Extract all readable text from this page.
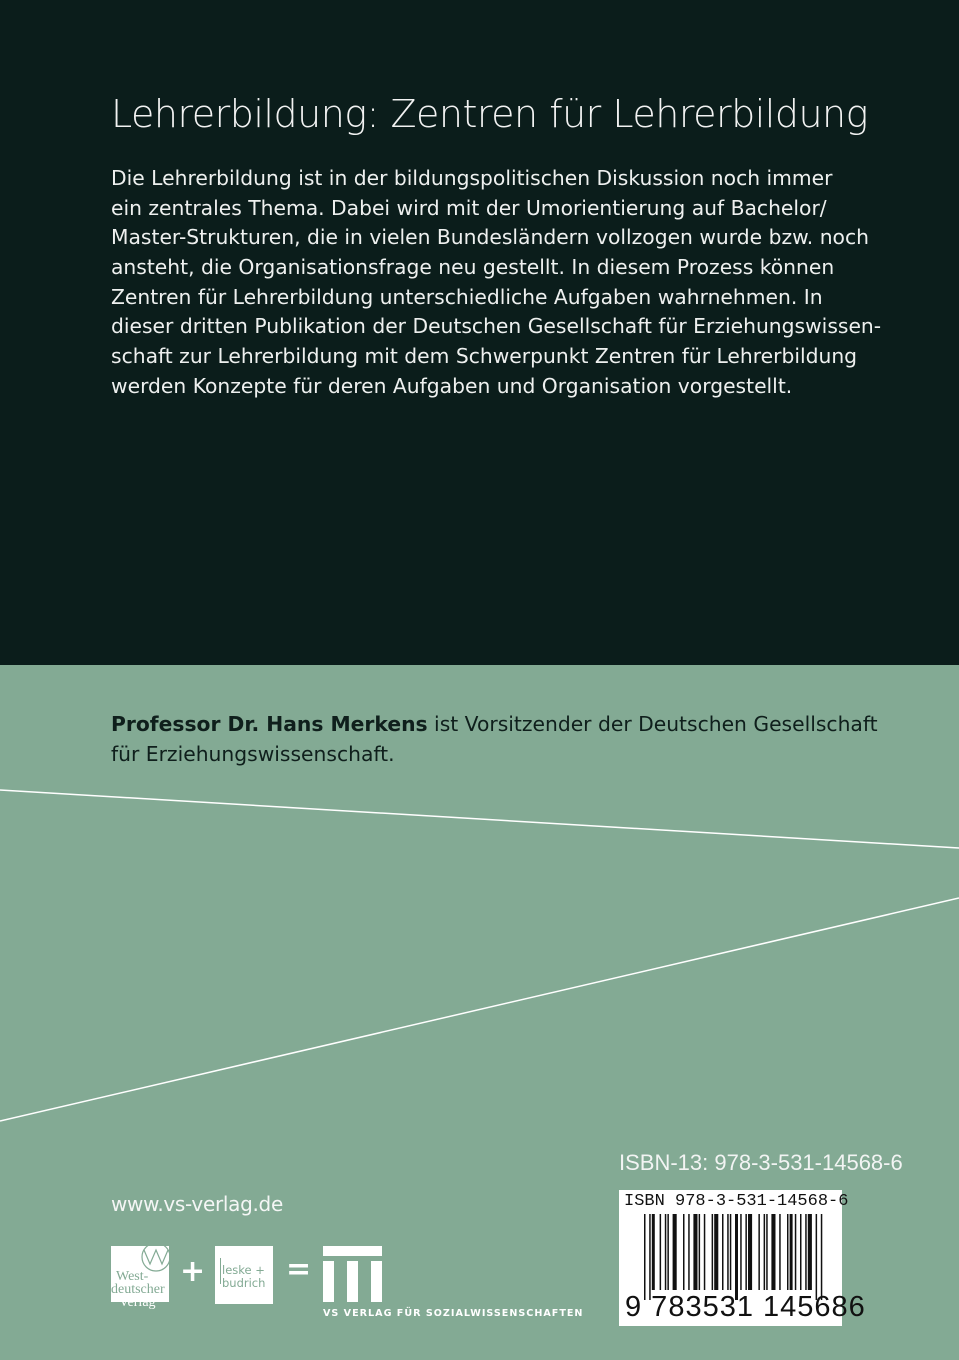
Lehrerbildung: Zentren für Lehrerbildung
Die Lehrerbildung ist in der bildungspolitischen Diskussion noch immer
ein zentrales Thema. Dabei wird mit der Umorientierung auf Bachelor/
Master-Strukturen, die in vielen Bundesländern vollzogen wurde bzw. noch
ansteht, die Organisationsfrage neu gestellt. In diesem Prozess können
Zentren für Lehrerbildung unterschiedliche Aufgaben wahrnehmen. In
dieser dritten Publikation der Deutschen Gesellschaft für Erziehungswissen-
schaft zur Lehrerbildung mit dem Schwerpunkt Zentren für Lehrerbildung
werden Konzepte für deren Aufgaben und Organisation vorgestellt.
Professor Dr. Hans Merkens ist Vorsitzender der Deutschen Gesellschaft
für Erziehungswissenschaft.
www.vs-verlag.de
West-
deutscher
Verlag
+ leske +
budrich =
VS VERLAG FÜR SOZIALWISSENSCHAFTEN
ISBN-13: 978-3-531-14568-6
ISBN 978-3-531-14568-6
9 783531 145686
